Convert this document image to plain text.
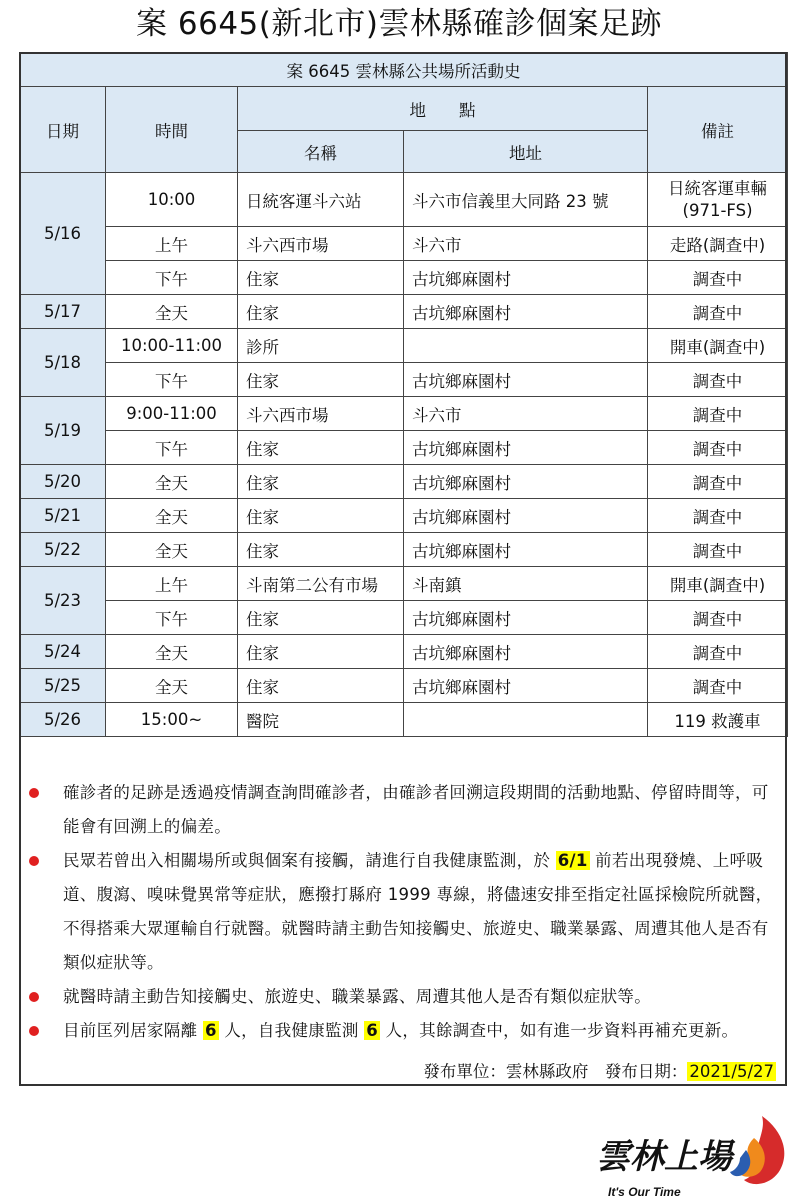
案 6645(新北市)雲林縣確診個案足跡
案 6645 雲林縣公共場所活動史				
日期	時間	地　　點		備註
		名稱	地址	
5/16	10:00	日統客運斗六站	斗六市信義里大同路 23 號	日統客運車輛 (971-FS)
	上午	斗六西市場	斗六市	走路(調查中)
	下午	住家	古坑鄉麻園村	調查中
5/17	全天	住家	古坑鄉麻園村	調查中
5/18	10:00-11:00	診所		開車(調查中)
	下午	住家	古坑鄉麻園村	調查中
5/19	9:00-11:00	斗六西市場	斗六市	調查中
	下午	住家	古坑鄉麻園村	調查中
5/20	全天	住家	古坑鄉麻園村	調查中
5/21	全天	住家	古坑鄉麻園村	調查中
5/22	全天	住家	古坑鄉麻園村	調查中
5/23	上午	斗南第二公有市場	斗南鎮	開車(調查中)
	下午	住家	古坑鄉麻園村	調查中
5/24	全天	住家	古坑鄉麻園村	調查中
5/25	全天	住家	古坑鄉麻園村	調查中
5/26	15:00~	醫院		119 救護車

確診者的足跡是透過疫情調查詢問確診者，由確診者回溯這段期間的活動地點、停留時間等，可能會有回溯上的偏差。

民眾若曾出入相關場所或與個案有接觸，請進行自我健康監測，於 6/1 前若出現發燒、上呼吸道、腹瀉、嗅味覺異常等症狀，應撥打縣府 1999 專線，將儘速安排至指定社區採檢院所就醫，不得搭乘大眾運輸自行就醫。就醫時請主動告知接觸史、旅遊史、職業暴露、周遭其他人是否有類似症狀等。

就醫時請主動告知接觸史、旅遊史、職業暴露、周遭其他人是否有類似症狀等。

目前匡列居家隔離 6 人，自我健康監測 6 人，其餘調查中，如有進一步資料再補充更新。

發布單位：雲林縣政府　發布日期： 2021/5/27
雲林上場
It's Our Time
